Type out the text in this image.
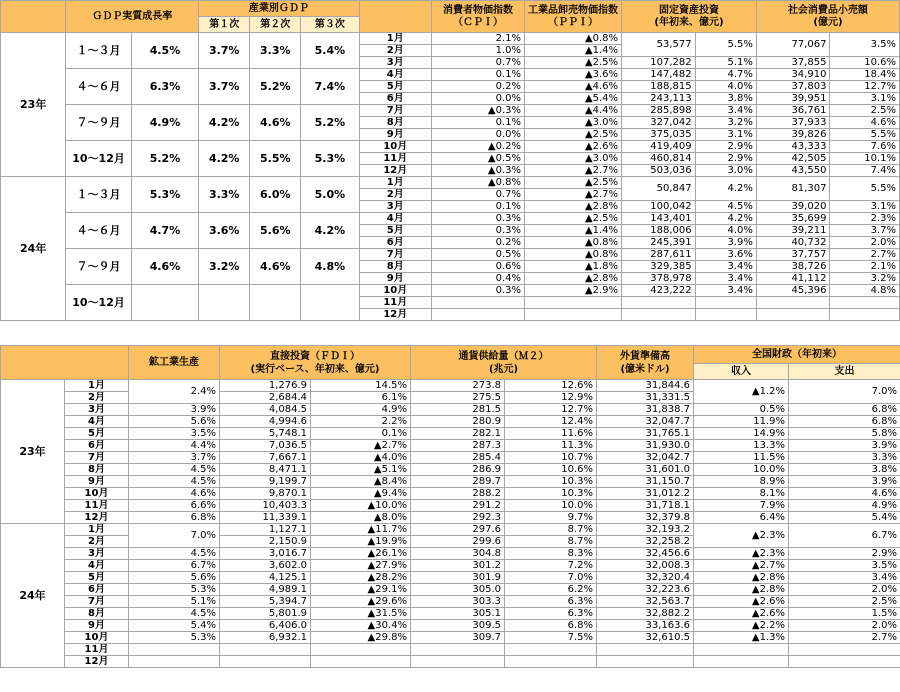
	ＧＤＰ実質成長率		産業別ＧＤＰ				消費者物価指数
（ＣＰＩ）	工業品卸売物価指数
（ＰＰＩ）	固定資産投資
(年初来、億元)		社会消費品小売額
(億元)	
			第１次	第２次	第３次							
23年	１～３月	4.5%	3.7%	3.3%	5.4%	1月	2.1%	▲0.8%	53,577	5.5%	77,067	3.5%
						2月	1.0%	▲1.4%				
						3月	0.7%	▲2.5%	107,282	5.1%	37,855	10.6%
	４～６月	6.3%	3.7%	5.2%	7.4%	4月	0.1%	▲3.6%	147,482	4.7%	34,910	18.4%
						5月	0.2%	▲4.6%	188,815	4.0%	37,803	12.7%
						6月	0.0%	▲5.4%	243,113	3.8%	39,951	3.1%
	７～９月	4.9%	4.2%	4.6%	5.2%	7月	▲0.3%	▲4.4%	285,898	3.4%	36,761	2.5%
						8月	0.1%	▲3.0%	327,042	3.2%	37,933	4.6%
						9月	0.0%	▲2.5%	375,035	3.1%	39,826	5.5%
	10～12月	5.2%	4.2%	5.5%	5.3%	10月	▲0.2%	▲2.6%	419,409	2.9%	43,333	7.6%
						11月	▲0.5%	▲3.0%	460,814	2.9%	42,505	10.1%
						12月	▲0.3%	▲2.7%	503,036	3.0%	43,550	7.4%
24年	１～３月	5.3%	3.3%	6.0%	5.0%	1月	▲0.8%	▲2.5%	50,847	4.2%	81,307	5.5%
						2月	0.7%	▲2.7%				
						3月	0.1%	▲2.8%	100,042	4.5%	39,020	3.1%
	４～６月	4.7%	3.6%	5.6%	4.2%	4月	0.3%	▲2.5%	143,401	4.2%	35,699	2.3%
						5月	0.3%	▲1.4%	188,006	4.0%	39,211	3.7%
						6月	0.2%	▲0.8%	245,391	3.9%	40,732	2.0%
	７～９月	4.6%	3.2%	4.6%	4.8%	7月	0.5%	▲0.8%	287,611	3.6%	37,757	2.7%
						8月	0.6%	▲1.8%	329,385	3.4%	38,726	2.1%
						9月	0.4%	▲2.8%	378,978	3.4%	41,112	3.2%
	10～12月					10月	0.3%	▲2.9%	423,222	3.4%	45,396	4.8%
						11月						
						12月						
		鉱工業生産	直接投資（ＦＤＩ）
(実行ベース、年初来、億元)		通貨供給量（Ｍ２）
(兆元)		外貨準備高
(億米ドル)	全国財政（年初来）	
								収入	支出
23年	1月	2.4%	1,276.9	14.5%	273.8	12.6%	31,844.6	▲1.2%	7.0%
	2月		2,684.4	6.1%	275.5	12.9%	31,331.5		
	3月	3.9%	4,084.5	4.9%	281.5	12.7%	31,838.7	0.5%	6.8%
	4月	5.6%	4,994.6	2.2%	280.9	12.4%	32,047.7	11.9%	6.8%
	5月	3.5%	5,748.1	0.1%	282.1	11.6%	31,765.1	14.9%	5.8%
	6月	4.4%	7,036.5	▲2.7%	287.3	11.3%	31,930.0	13.3%	3.9%
	7月	3.7%	7,667.1	▲4.0%	285.4	10.7%	32,042.7	11.5%	3.3%
	8月	4.5%	8,471.1	▲5.1%	286.9	10.6%	31,601.0	10.0%	3.8%
	9月	4.5%	9,199.7	▲8.4%	289.7	10.3%	31,150.7	8.9%	3.9%
	10月	4.6%	9,870.1	▲9.4%	288.2	10.3%	31,012.2	8.1%	4.6%
	11月	6.6%	10,403.3	▲10.0%	291.2	10.0%	31,718.1	7.9%	4.9%
	12月	6.8%	11,339.1	▲8.0%	292.3	9.7%	32,379.8	6.4%	5.4%
24年	1月	7.0%	1,127.1	▲11.7%	297.6	8.7%	32,193.2	▲2.3%	6.7%
	2月		2,150.9	▲19.9%	299.6	8.7%	32,258.2		
	3月	4.5%	3,016.7	▲26.1%	304.8	8.3%	32,456.6	▲2.3%	2.9%
	4月	6.7%	3,602.0	▲27.9%	301.2	7.2%	32,008.3	▲2.7%	3.5%
	5月	5.6%	4,125.1	▲28.2%	301.9	7.0%	32,320.4	▲2.8%	3.4%
	6月	5.3%	4,989.1	▲29.1%	305.0	6.2%	32,223.6	▲2.8%	2.0%
	7月	5.1%	5,394.7	▲29.6%	303.3	6.3%	32,563.7	▲2.6%	2.5%
	8月	4.5%	5,801.9	▲31.5%	305.1	6.3%	32,882.2	▲2.6%	1.5%
	9月	5.4%	6,406.0	▲30.4%	309.5	6.8%	33,163.6	▲2.2%	2.0%
	10月	5.3%	6,932.1	▲29.8%	309.7	7.5%	32,610.5	▲1.3%	2.7%
	11月								
	12月								
